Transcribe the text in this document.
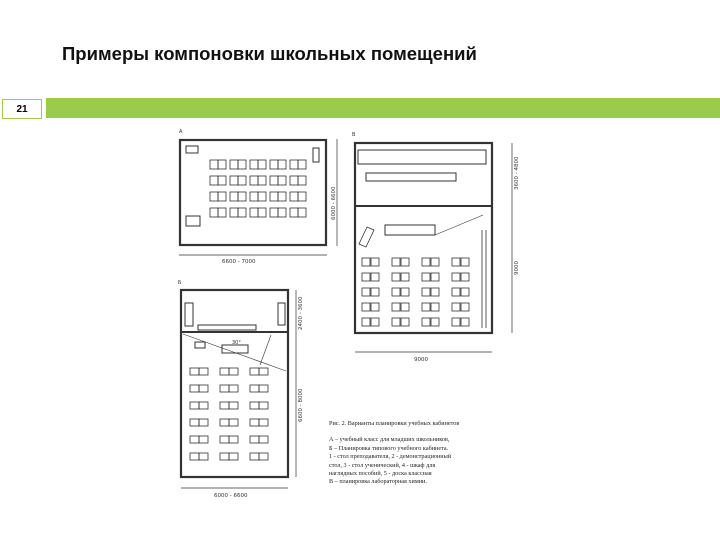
Примеры компоновки школьных помещений
21
А
Б
В
6600 - 7000
6000 - 6600
2400 - 3600
6600 - 8000
6000 - 6600
30°
3600 - 4800
9000
9000
Рис. 2. Варианты планировки учебных кабинетов
А – учебный класс для младших школьников,
Б – Планировка типового учебного кабинета.
1 - стол преподавателя, 2 - демонстрационный
стол, 3 - стол ученический, 4 - шкаф для
наглядных пособий, 5 - доска классная
В – планировка лабораторная химии.
